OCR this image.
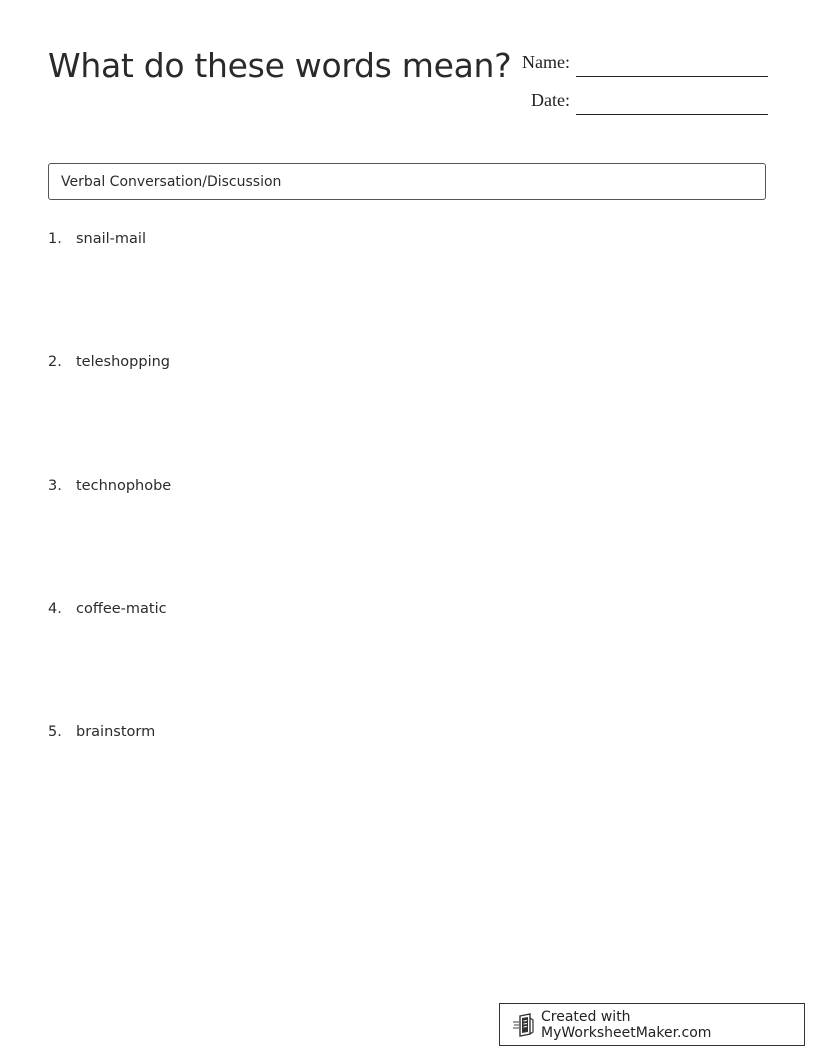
What do these words mean? Name:
Date:
Verbal Conversation/Discussion
1. snail-mail
2. teleshopping
3. technophobe
4. coffee-matic
5. brainstorm
Created with MyWorksheetMaker.com
